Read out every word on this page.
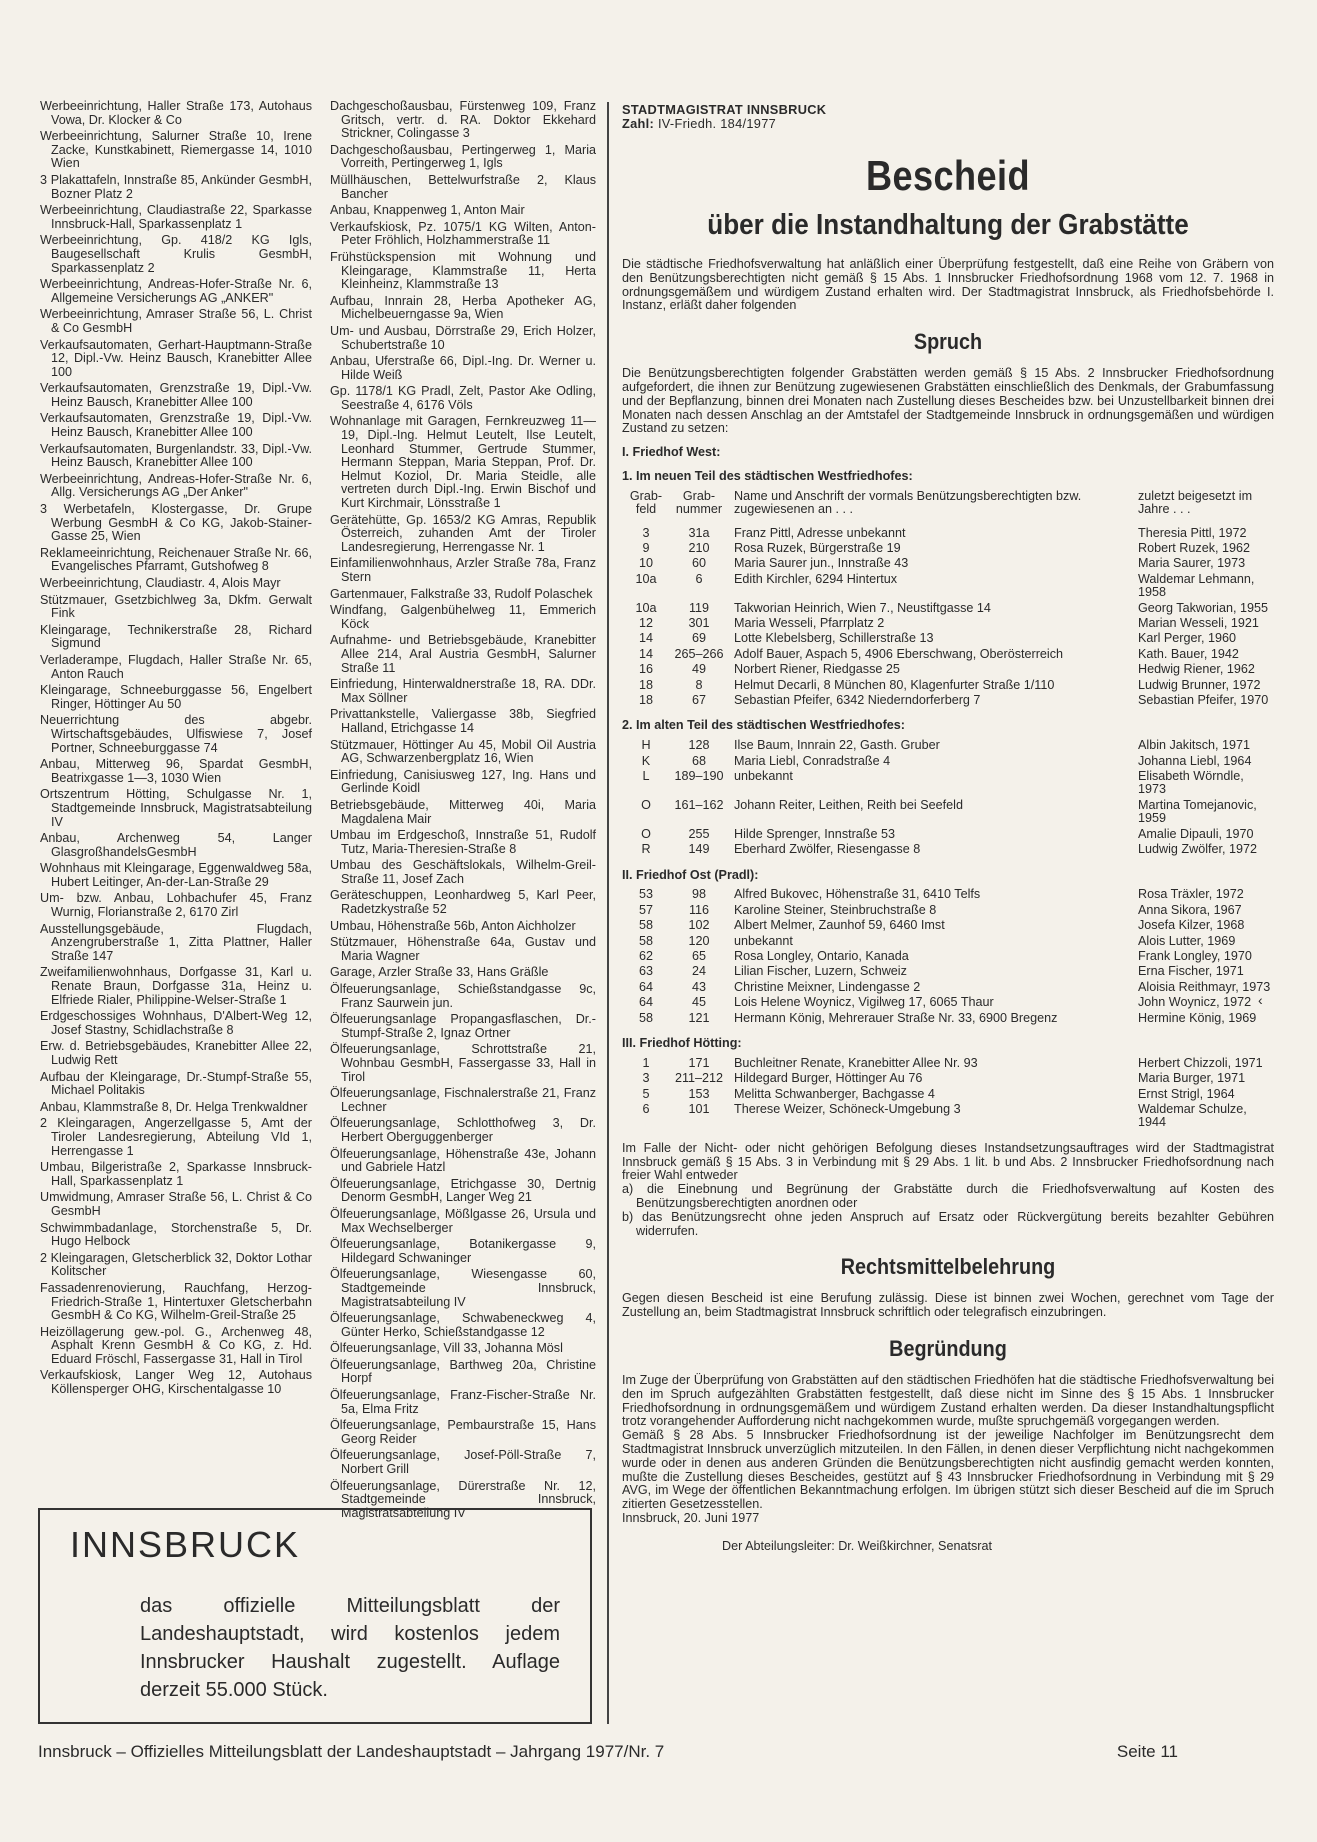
Werbeeinrichtung, Haller Straße 173, Autohaus Vowa, Dr. Klocker & Co

Werbeeinrichtung, Salurner Straße 10, Irene Zacke, Kunstkabinett, Riemergasse 14, 1010 Wien

3 Plakattafeln, Innstraße 85, Ankünder GesmbH, Bozner Platz 2

Werbeeinrichtung, Claudiastraße 22, Sparkasse Innsbruck-Hall, Sparkassenplatz 1

Werbeeinrichtung, Gp. 418/2 KG Igls, Baugesellschaft Krulis GesmbH, Sparkassenplatz 2

Werbeeinrichtung, Andreas-Hofer-Straße Nr. 6, Allgemeine Versicherungs AG „ANKER"

Werbeeinrichtung, Amraser Straße 56, L. Christ & Co GesmbH

Verkaufsautomaten, Gerhart-Hauptmann-Straße 12, Dipl.-Vw. Heinz Bausch, Kranebitter Allee 100

Verkaufsautomaten, Grenzstraße 19, Dipl.-Vw. Heinz Bausch, Kranebitter Allee 100

Verkaufsautomaten, Grenzstraße 19, Dipl.-Vw. Heinz Bausch, Kranebitter Allee 100

Verkaufsautomaten, Burgenlandstr. 33, Dipl.-Vw. Heinz Bausch, Kranebitter Allee 100

Werbeeinrichtung, Andreas-Hofer-Straße Nr. 6, Allg. Versicherungs AG „Der Anker"

3 Werbetafeln, Klostergasse, Dr. Grupe Werbung GesmbH & Co KG, Jakob-Stainer-Gasse 25, Wien

Reklameeinrichtung, Reichenauer Straße Nr. 66, Evangelisches Pfarramt, Gutshofweg 8

Werbeeinrichtung, Claudiastr. 4, Alois Mayr

Stützmauer, Gsetzbichlweg 3a, Dkfm. Gerwalt Fink

Kleingarage, Technikerstraße 28, Richard Sigmund

Verladerampe, Flugdach, Haller Straße Nr. 65, Anton Rauch

Kleingarage, Schneeburggasse 56, Engelbert Ringer, Höttinger Au 50

Neuerrichtung des abgebr. Wirtschaftsgebäudes, Ulfiswiese 7, Josef Portner, Schneeburggasse 74

Anbau, Mitterweg 96, Spardat GesmbH, Beatrixgasse 1—3, 1030 Wien

Ortszentrum Hötting, Schulgasse Nr. 1, Stadtgemeinde Innsbruck, Magistratsabteilung IV

Anbau, Archenweg 54, Langer GlasgroßhandelsGesmbH

Wohnhaus mit Kleingarage, Eggenwaldweg 58a, Hubert Leitinger, An-der-Lan-Straße 29

Um- bzw. Anbau, Lohbachufer 45, Franz Wurnig, Florianstraße 2, 6170 Zirl

Ausstellungsgebäude, Flugdach, Anzengruberstraße 1, Zitta Plattner, Haller Straße 147

Zweifamilienwohnhaus, Dorfgasse 31, Karl u. Renate Braun, Dorfgasse 31a, Heinz u. Elfriede Rialer, Philippine-Welser-Straße 1

Erdgeschossiges Wohnhaus, D'Albert-Weg 12, Josef Stastny, Schidlachstraße 8

Erw. d. Betriebsgebäudes, Kranebitter Allee 22, Ludwig Rett

Aufbau der Kleingarage, Dr.-Stumpf-Straße 55, Michael Politakis

Anbau, Klammstraße 8, Dr. Helga Trenkwaldner

2 Kleingaragen, Angerzellgasse 5, Amt der Tiroler Landesregierung, Abteilung VId 1, Herrengasse 1

Umbau, Bilgeristraße 2, Sparkasse Innsbruck-Hall, Sparkassenplatz 1

Umwidmung, Amraser Straße 56, L. Christ & Co GesmbH

Schwimmbadanlage, Storchenstraße 5, Dr. Hugo Helbock

2 Kleingaragen, Gletscherblick 32, Doktor Lothar Kolitscher

Fassadenrenovierung, Rauchfang, Herzog-Friedrich-Straße 1, Hintertuxer Gletscherbahn GesmbH & Co KG, Wilhelm-Greil-Straße 25

Heizöllagerung gew.-pol. G., Archenweg 48, Asphalt Krenn GesmbH & Co KG, z. Hd. Eduard Fröschl, Fassergasse 31, Hall in Tirol

Verkaufskiosk, Langer Weg 12, Autohaus Köllensperger OHG, Kirschentalgasse 10

Dachgeschoßausbau, Fürstenweg 109, Franz Gritsch, vertr. d. RA. Doktor Ekkehard Strickner, Colingasse 3

Dachgeschoßausbau, Pertingerweg 1, Maria Vorreith, Pertingerweg 1, Igls

Müllhäuschen, Bettelwurfstraße 2, Klaus Bancher

Anbau, Knappenweg 1, Anton Mair

Verkaufskiosk, Pz. 1075/1 KG Wilten, Anton-Peter Fröhlich, Holzhammerstraße 11

Frühstückspension mit Wohnung und Kleingarage, Klammstraße 11, Herta Kleinheinz, Klammstraße 13

Aufbau, Innrain 28, Herba Apotheker AG, Michelbeuerngasse 9a, Wien

Um- und Ausbau, Dörrstraße 29, Erich Holzer, Schubertstraße 10

Anbau, Uferstraße 66, Dipl.-Ing. Dr. Werner u. Hilde Weiß

Gp. 1178/1 KG Pradl, Zelt, Pastor Ake Odling, Seestraße 4, 6176 Völs

Wohnanlage mit Garagen, Fernkreuzweg 11—19, Dipl.-Ing. Helmut Leutelt, Ilse Leutelt, Leonhard Stummer, Gertrude Stummer, Hermann Steppan, Maria Steppan, Prof. Dr. Helmut Koziol, Dr. Maria Steidle, alle vertreten durch Dipl.-Ing. Erwin Bischof und Kurt Kirchmair, Lönsstraße 1

Gerätehütte, Gp. 1653/2 KG Amras, Republik Österreich, zuhanden Amt der Tiroler Landesregierung, Herrengasse Nr. 1

Einfamilienwohnhaus, Arzler Straße 78a, Franz Stern

Gartenmauer, Falkstraße 33, Rudolf Polaschek

Windfang, Galgenbühelweg 11, Emmerich Köck

Aufnahme- und Betriebsgebäude, Kranebitter Allee 214, Aral Austria GesmbH, Salurner Straße 11

Einfriedung, Hinterwaldnerstraße 18, RA. DDr. Max Söllner

Privattankstelle, Valiergasse 38b, Siegfried Halland, Etrichgasse 14

Stützmauer, Höttinger Au 45, Mobil Oil Austria AG, Schwarzenbergplatz 16, Wien

Einfriedung, Canisiusweg 127, Ing. Hans und Gerlinde Koidl

Betriebsgebäude, Mitterweg 40i, Maria Magdalena Mair

Umbau im Erdgeschoß, Innstraße 51, Rudolf Tutz, Maria-Theresien-Straße 8

Umbau des Geschäftslokals, Wilhelm-Greil-Straße 11, Josef Zach

Geräteschuppen, Leonhardweg 5, Karl Peer, Radetzkystraße 52

Umbau, Höhenstraße 56b, Anton Aichholzer

Stützmauer, Höhenstraße 64a, Gustav und Maria Wagner

Garage, Arzler Straße 33, Hans Gräßle

Ölfeuerungsanlage, Schießstandgasse 9c, Franz Saurwein jun.

Ölfeuerungsanlage Propangasflaschen, Dr.-Stumpf-Straße 2, Ignaz Ortner

Ölfeuerungsanlage, Schrottstraße 21, Wohnbau GesmbH, Fassergasse 33, Hall in Tirol

Ölfeuerungsanlage, Fischnalerstraße 21, Franz Lechner

Ölfeuerungsanlage, Schlotthofweg 3, Dr. Herbert Oberguggenberger

Ölfeuerungsanlage, Höhenstraße 43e, Johann und Gabriele Hatzl

Ölfeuerungsanlage, Etrichgasse 30, Dertnig Denorm GesmbH, Langer Weg 21

Ölfeuerungsanlage, Mößlgasse 26, Ursula und Max Wechselberger

Ölfeuerungsanlage, Botanikergasse 9, Hildegard Schwaninger

Ölfeuerungsanlage, Wiesengasse 60, Stadtgemeinde Innsbruck, Magistratsabteilung IV

Ölfeuerungsanlage, Schwabeneckweg 4, Günter Herko, Schießstandgasse 12

Ölfeuerungsanlage, Vill 33, Johanna Mösl

Ölfeuerungsanlage, Barthweg 20a, Christine Horpf

Ölfeuerungsanlage, Franz-Fischer-Straße Nr. 5a, Elma Fritz

Ölfeuerungsanlage, Pembaurstraße 15, Hans Georg Reider

Ölfeuerungsanlage, Josef-Pöll-Straße 7, Norbert Grill

Ölfeuerungsanlage, Dürerstraße Nr. 12, Stadtgemeinde Innsbruck, Magistratsabteilung IV

STADTMAGISTRAT INNSBRUCK
Zahl: IV-Friedh. 184/1977
Bescheid
über die Instandhaltung der Grabstätte

Die städtische Friedhofsverwaltung hat anläßlich einer Überprüfung festgestellt, daß eine Reihe von Gräbern von den Benützungsberechtigten nicht gemäß § 15 Abs. 1 Innsbrucker Friedhofsordnung 1968 vom 12. 7. 1968 in ordnungsgemäßem und würdigem Zustand erhalten wird. Der Stadtmagistrat Innsbruck, als Friedhofsbehörde I. Instanz, erläßt daher folgenden

Spruch

Die Benützungsberechtigten folgender Grabstätten werden gemäß § 15 Abs. 2 Innsbrucker Friedhofsordnung aufgefordert, die ihnen zur Benützung zugewiesenen Grabstätten einschließlich des Denkmals, der Grabumfassung und der Bepflanzung, binnen drei Monaten nach Zustellung dieses Bescheides bzw. bei Unzustellbarkeit binnen drei Monaten nach dessen Anschlag an der Amtstafel der Stadtgemeinde Innsbruck in ordnungsgemäßen und würdigen Zustand zu setzen:

I. Friedhof West:
1. Im neuen Teil des städtischen Westfriedhofes:
Grab- feld	Grab- nummer	Name und Anschrift der vormals Benützungsberechtigten bzw. zugewiesenen an . . .	zuletzt beigesetzt im Jahre . . .
3	31a	Franz Pittl, Adresse unbekannt	Theresia Pittl, 1972
9	210	Rosa Ruzek, Bürgerstraße 19	Robert Ruzek, 1962
10	60	Maria Saurer jun., Innstraße 43	Maria Saurer, 1973
10a	6	Edith Kirchler, 6294 Hintertux	Waldemar Lehmann, 1958
10a	119	Takworian Heinrich, Wien 7., Neustiftgasse 14	Georg Takworian, 1955
12	301	Maria Wesseli, Pfarrplatz 2	Marian Wesseli, 1921
14	69	Lotte Klebelsberg, Schillerstraße 13	Karl Perger, 1960
14	265–266	Adolf Bauer, Aspach 5, 4906 Eberschwang, Oberösterreich	Kath. Bauer, 1942
16	49	Norbert Riener, Riedgasse 25	Hedwig Riener, 1962
18	8	Helmut Decarli, 8 München 80, Klagenfurter Straße 1/110	Ludwig Brunner, 1972
18	67	Sebastian Pfeifer, 6342 Niederndorferberg 7	Sebastian Pfeifer, 1970
2. Im alten Teil des städtischen Westfriedhofes:
H	128	Ilse Baum, Innrain 22, Gasth. Gruber	Albin Jakitsch, 1971
K	68	Maria Liebl, Conradstraße 4	Johanna Liebl, 1964
L	189–190	unbekannt	Elisabeth Wörndle, 1973
O	161–162	Johann Reiter, Leithen, Reith bei Seefeld	Martina Tomejanovic, 1959
O	255	Hilde Sprenger, Innstraße 53	Amalie Dipauli, 1970
R	149	Eberhard Zwölfer, Riesengasse 8	Ludwig Zwölfer, 1972
II. Friedhof Ost (Pradl):
53	98	Alfred Bukovec, Höhenstraße 31, 6410 Telfs	Rosa Träxler, 1972
57	116	Karoline Steiner, Steinbruchstraße 8	Anna Sikora, 1967
58	102	Albert Melmer, Zaunhof 59, 6460 Imst	Josefa Kilzer, 1968
58	120	unbekannt	Alois Lutter, 1969
62	65	Rosa Longley, Ontario, Kanada	Frank Longley, 1970
63	24	Lilian Fischer, Luzern, Schweiz	Erna Fischer, 1971
64	43	Christine Meixner, Lindengasse 2	Aloisia Reithmayr, 1973
64	45	Lois Helene Woynicz, Vigilweg 17, 6065 Thaur	John Woynicz, 1972
58	121	Hermann König, Mehrerauer Straße Nr. 33, 6900 Bregenz	Hermine König, 1969
III. Friedhof Hötting:
1	171	Buchleitner Renate, Kranebitter Allee Nr. 93	Herbert Chizzoli, 1971
3	211–212	Hildegard Burger, Höttinger Au 76	Maria Burger, 1971
5	153	Melitta Schwanberger, Bachgasse 4	Ernst Strigl, 1964
6	101	Therese Weizer, Schöneck-Umgebung 3	Waldemar Schulze, 1944

Im Falle der Nicht- oder nicht gehörigen Befolgung dieses Instandsetzungsauftrages wird der Stadtmagistrat Innsbruck gemäß § 15 Abs. 3 in Verbindung mit § 29 Abs. 1 lit. b und Abs. 2 Innsbrucker Friedhofsordnung nach freier Wahl entweder

a) die Einebnung und Begrünung der Grabstätte durch die Friedhofsverwaltung auf Kosten des Benützungsberechtigten anordnen oder
b) das Benützungsrecht ohne jeden Anspruch auf Ersatz oder Rückvergütung bereits bezahlter Gebühren widerrufen.
Rechtsmittelbelehrung

Gegen diesen Bescheid ist eine Berufung zulässig. Diese ist binnen zwei Wochen, gerechnet vom Tage der Zustellung an, beim Stadtmagistrat Innsbruck schriftlich oder telegrafisch einzubringen.

Begründung

Im Zuge der Überprüfung von Grabstätten auf den städtischen Friedhöfen hat die städtische Friedhofsverwaltung bei den im Spruch aufgezählten Grabstätten festgestellt, daß diese nicht im Sinne des § 15 Abs. 1 Innsbrucker Friedhofsordnung in ordnungsgemäßem und würdigem Zustand erhalten werden. Da dieser Instandhaltungspflicht trotz vorangehender Aufforderung nicht nachgekommen wurde, mußte spruchgemäß vorgegangen werden.

Gemäß § 28 Abs. 5 Innsbrucker Friedhofsordnung ist der jeweilige Nachfolger im Benützungsrecht dem Stadtmagistrat Innsbruck unverzüglich mitzuteilen. In den Fällen, in denen dieser Verpflichtung nicht nachgekommen wurde oder in denen aus anderen Gründen die Benützungsberechtigten nicht ausfindig gemacht werden konnten, mußte die Zustellung dieses Bescheides, gestützt auf § 43 Innsbrucker Friedhofsordnung in Verbindung mit § 29 AVG, im Wege der öffentlichen Bekanntmachung erfolgen. Im übrigen stützt sich dieser Bescheid auf die im Spruch zitierten Gesetzesstellen.

Innsbruck, 20. Juni 1977

Der Abteilungsleiter: Dr. Weißkirchner, Senatsrat
INNSBRUCK
das offizielle Mitteilungsblatt der Landeshauptstadt, wird kostenlos jedem Innsbrucker Haushalt zugestellt. Auflage derzeit 55.000 Stück.
Innsbruck – Offizielles Mitteilungsblatt der Landeshauptstadt – Jahrgang 1977/Nr. 7	Seite 11
‹
